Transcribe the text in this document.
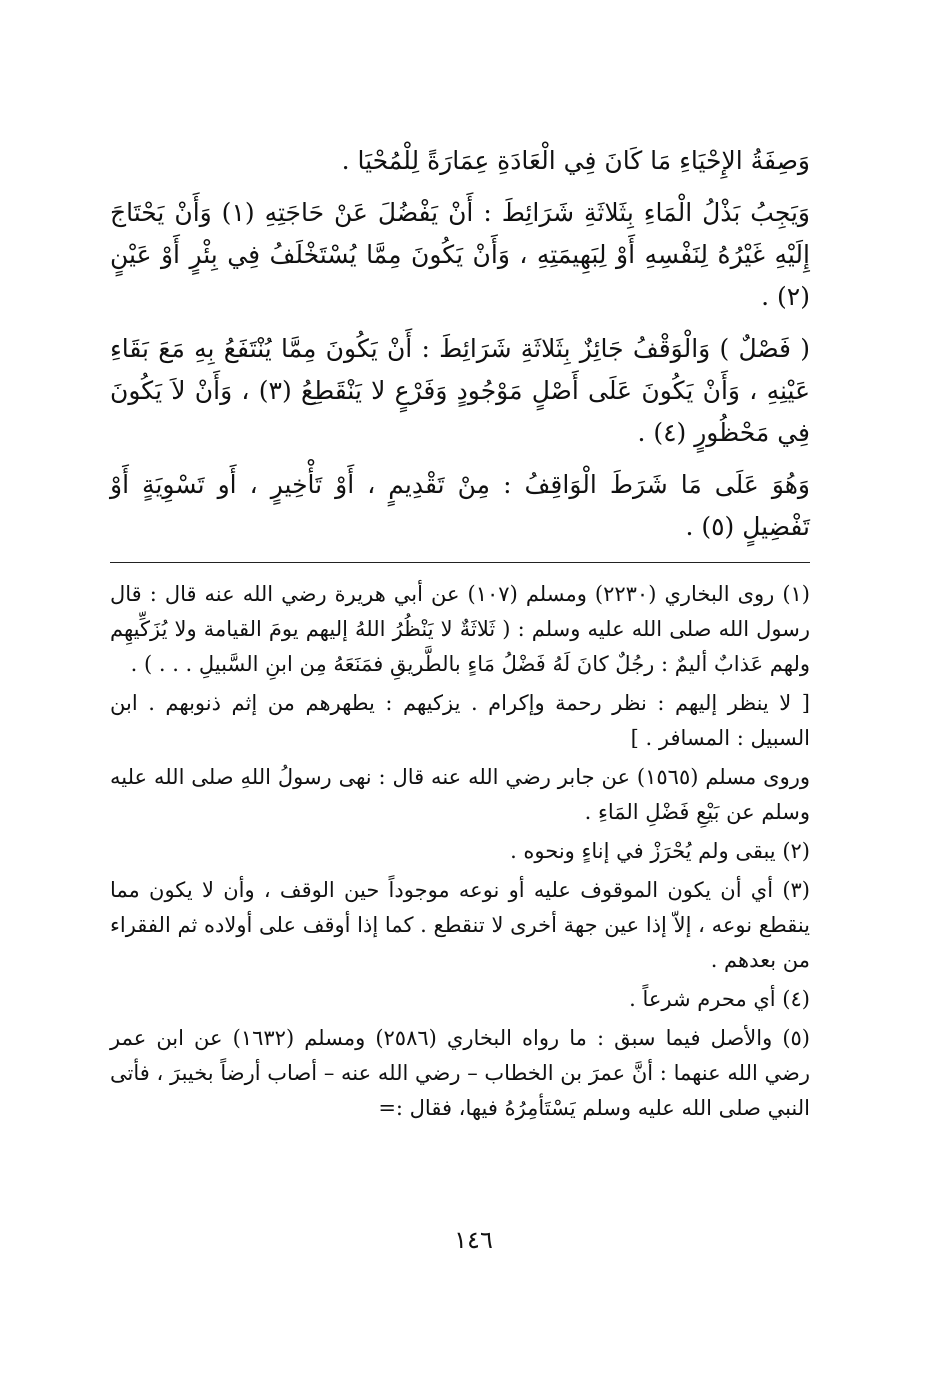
وَصِفَةُ الإِحْيَاءِ مَا كَانَ فِي الْعَادَةِ عِمَارَةً لِلْمُحْيَا .

وَيَجِبُ بَذْلُ الْمَاءِ بِثَلاثَةِ شَرَائِطَ : أَنْ يَفْضُلَ عَنْ حَاجَتِهِ (١) وَأَنْ يَحْتَاجَ إِلَيْهِ غَيْرُهُ لِنَفْسِهِ أَوْ لِبَهِيمَتِهِ ، وَأَنْ يَكُونَ مِمَّا يُسْتَخْلَفُ فِي بِئْرٍ أَوْ عَيْنٍ (٢) .

( فَصْلٌ ) وَالْوَقْفُ جَائِزٌ بِثَلاثَةِ شَرَائِطَ : أَنْ يَكُونَ مِمَّا يُنْتَفَعُ بِهِ مَعَ بَقَاءِ عَيْنِهِ ، وَأَنْ يَكُونَ عَلَى أَصْلٍ مَوْجُودٍ وَفَرْعٍ لا يَنْقَطِعُ (٣) ، وَأَنْ لاَ يَكُونَ فِي مَحْظُورٍ (٤) .

وَهُوَ عَلَى مَا شَرَطَ الْوَاقِفُ : مِنْ تَقْدِيمٍ ، أَوْ تَأْخِيرٍ ، أَو تَسْوِيَةٍ أَوْ تَفْضِيلٍ (٥) .

(١) روى البخاري (٢٢٣٠) ومسلم (١٠٧) عن أبي هريرة رضي الله عنه قال : قال رسول الله صلى الله عليه وسلم : ( ثَلاثَةٌ لا يَنْظُرُ اللهُ إليهم يومَ القيامة ولا يُزَكِّيهِم ولهم عَذابٌ أليمٌ : رجُلٌ كانَ لَهُ فَضْلُ مَاءٍ بالطَّريقِ فمَنَعَهُ مِن ابنِ السَّبيلِ . . . ) .

[ لا ينظر إليهم : نظر رحمة وإكرام . يزكيهم : يطهرهم من إثم ذنوبهم . ابن السبيل : المسافر . ]

وروى مسلم (١٥٦٥) عن جابر رضي الله عنه قال : نهى رسولُ اللهِ صلى الله عليه وسلم عن بَيْعِ فَضْلِ المَاءِ .

(٢) يبقى ولم يُحْرَزْ في إناءٍ ونحوه .

(٣) أي أن يكون الموقوف عليه أو نوعه موجوداً حين الوقف ، وأن لا يكون مما ينقطع نوعه ، إلاّ إذا عين جهة أخرى لا تنقطع . كما إذا أوقف على أولاده ثم الفقراء من بعدهم .

(٤) أي محرم شرعاً .

(٥) والأصل فيما سبق : ما رواه البخاري (٢٥٨٦) ومسلم (١٦٣٢) عن ابن عمر رضي الله عنهما : أنَّ عمرَ بن الخطاب – رضي الله عنه – أصاب أرضاً بخيبرَ ، فأتى النبي صلى الله عليه وسلم يَسْتَأمِرُهُ فيها، فقال :=

١٤٦
